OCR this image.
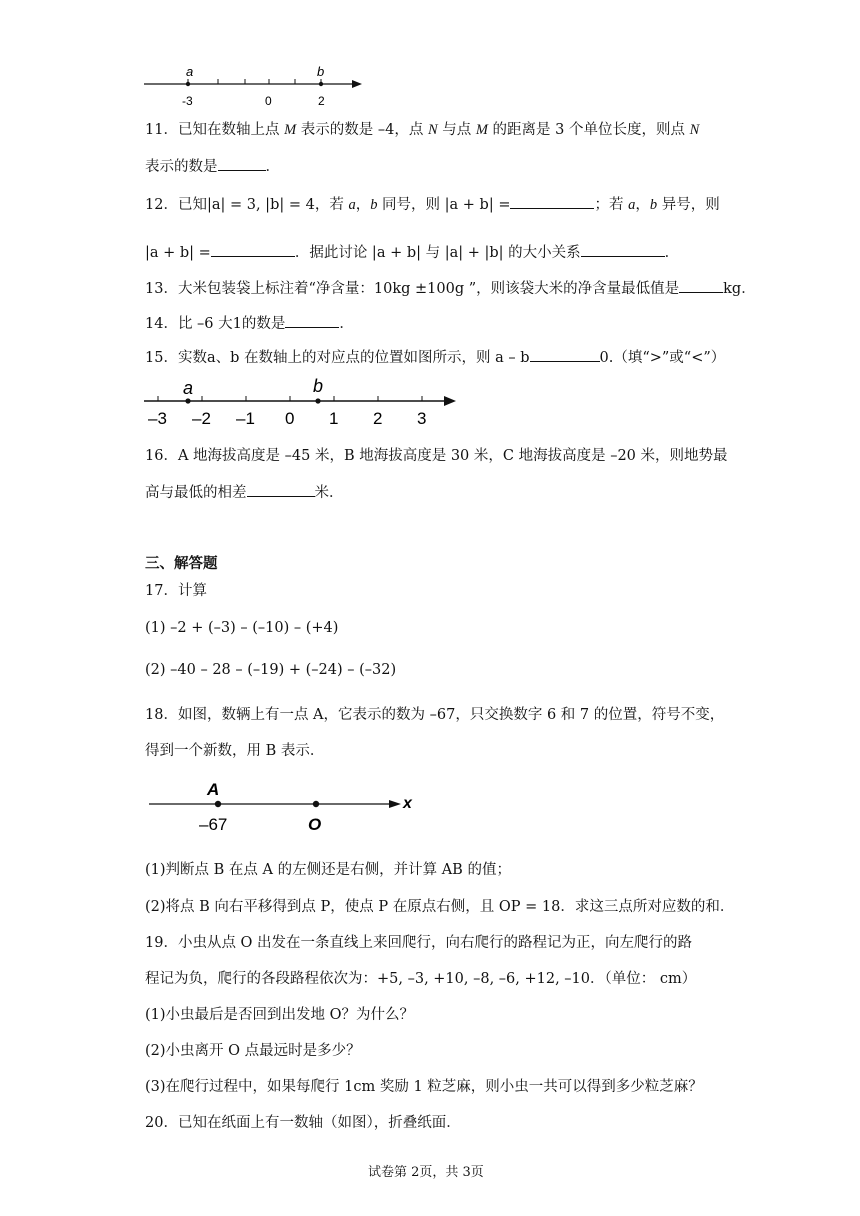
a	b
-3	0	2
11．已知在数轴上点 M 表示的数是 –4，点 N 与点 M 的距离是 3 个单位长度，则点 N
表示的数是	．
12．已知|a| = 3, |b| = 4，若 a，b 同号，则 |a + b| =	；若 a，b 异号，则
|a + b| =	．据此讨论 |a + b| 与 |a| + |b| 的大小关系	．
13．大米包装袋上标注着“净含量：10kg ±100g ”，则该袋大米的净含量最低值是	kg．
14．比 –6 大1的数是	．
15．实数a、b 在数轴上的对应点的位置如图所示，则 a – b	0.（填“>”或“<”）
a	b
–3 –2 –1 0 1 2 3
16．A 地海拔高度是 –45 米，B 地海拔高度是 30 米，C 地海拔高度是 –20 米，则地势最
高与最低的相差	米．
三、解答题
17．计算
(1) –2 + (–3) – (–10) – (+4)
(2) –40 – 28 – (–19) + (–24) – (–32)
18．如图，数辆上有一点 A，它表示的数为 –67，只交换数字 6 和 7 的位置，符号不变，
得到一个新数，用 B 表示．
A
–67	O
x
(1)判断点 B 在点 A 的左侧还是右侧，并计算 AB 的值；
(2)将点 B 向右平移得到点 P，使点 P 在原点右侧，且 OP = 18．求这三点所对应数的和．
19．小虫从点 O 出发在一条直线上来回爬行，向右爬行的路程记为正，向左爬行的路
程记为负，爬行的各段路程依次为：+5, –3, +10, –8, –6, +12, –10．（单位： cm）
(1)小虫最后是否回到出发地 O？为什么？
(2)小虫离开 O 点最远时是多少？
(3)在爬行过程中，如果每爬行 1cm 奖励 1 粒芝麻，则小虫一共可以得到多少粒芝麻？
20．已知在纸面上有一数轴（如图），折叠纸面．
试卷第 2页，共 3页
